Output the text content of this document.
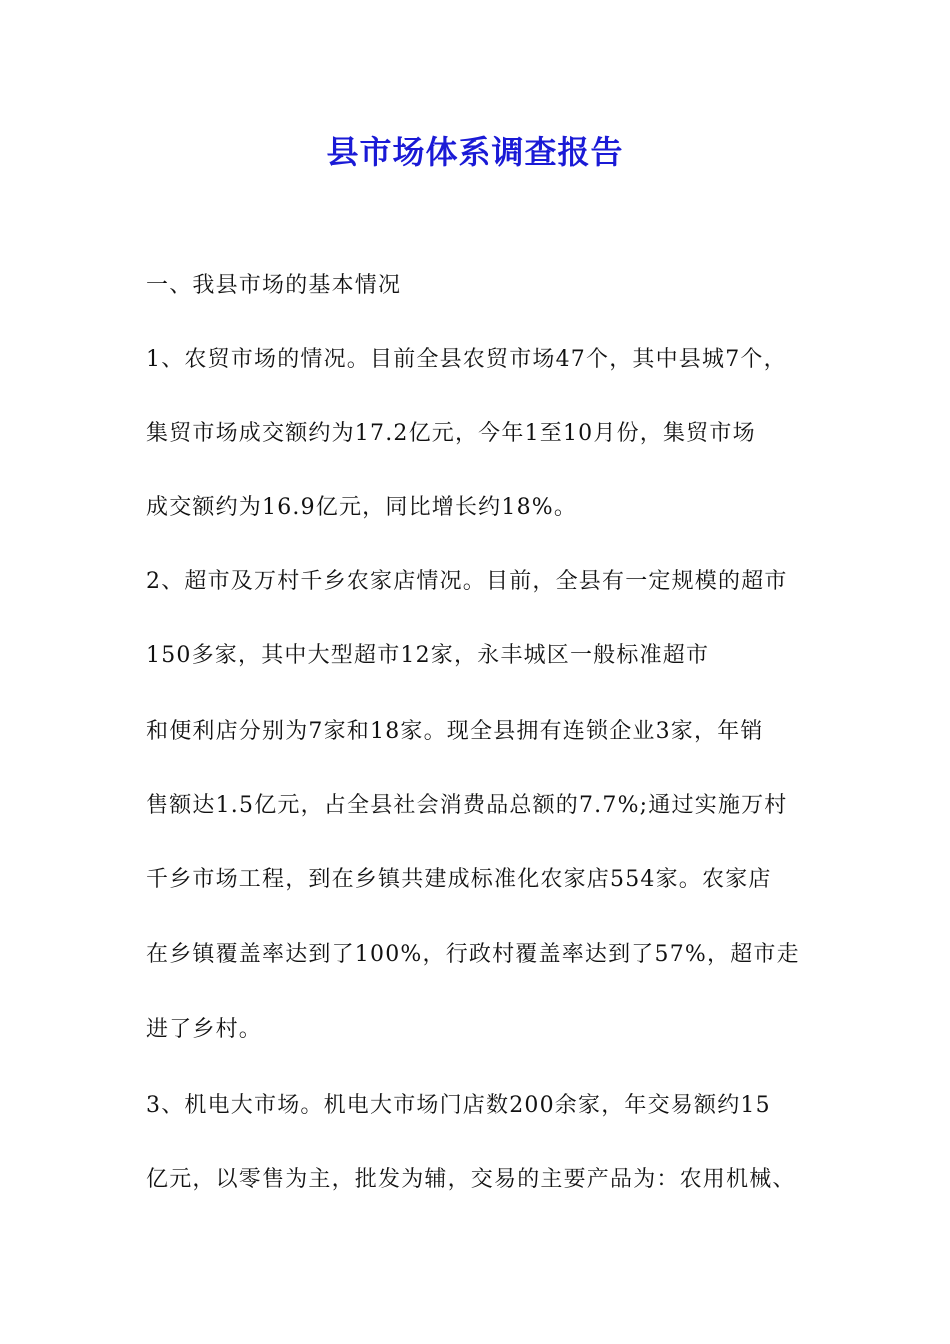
县市场体系调查报告

一、我县市场的基本情况

1、农贸市场的情况。目前全县农贸市场47个，其中县城7个，

集贸市场成交额约为17.2亿元，今年1至10月份，集贸市场

成交额约为16.9亿元，同比增长约18%。

2、超市及万村千乡农家店情况。目前，全县有一定规模的超市

150多家，其中大型超市12家，永丰城区一般标准超市

和便利店分别为7家和18家。现全县拥有连锁企业3家，年销

售额达1.5亿元，占全县社会消费品总额的7.7%;通过实施万村

千乡市场工程，到在乡镇共建成标准化农家店554家。农家店

在乡镇覆盖率达到了100%，行政村覆盖率达到了57%，超市走

进了乡村。

3、机电大市场。机电大市场门店数200余家，年交易额约15

亿元，以零售为主，批发为辅，交易的主要产品为：农用机械、
